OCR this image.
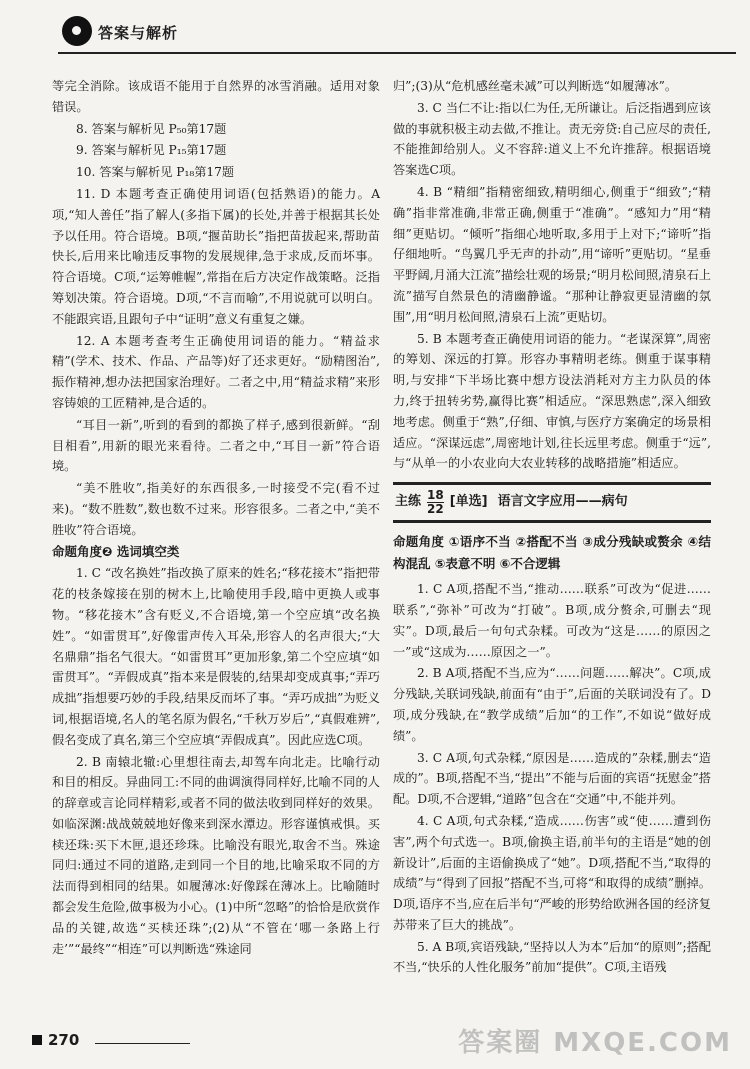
答案与解析

等完全消除。该成语不能用于自然界的冰雪消融。适用对象错误。

8. 答案与解析见 P₅₀第17题

9. 答案与解析见 P₁₅第17题

10. 答案与解析见 P₁₈第17题

11. D 本题考查正确使用词语(包括熟语)的能力。A项,“知人善任”指了解人(多指下属)的长处,并善于根据其长处予以任用。符合语境。B项,“揠苗助长”指把苗拔起来,帮助苗快长,后用来比喻违反事物的发展规律,急于求成,反而坏事。符合语境。C项,“运筹帷幄”,常指在后方决定作战策略。泛指筹划决策。符合语境。D项,“不言而喻”,不用说就可以明白。不能跟宾语,且跟句子中“证明”意义有重复之嫌。

12. A 本题考查考生正确使用词语的能力。“精益求精”(学术、技术、作品、产品等)好了还求更好。“励精图治”,振作精神,想办法把国家治理好。二者之中,用“精益求精”来形容铸娘的工匠精神,是合适的。

“耳目一新”,听到的看到的都换了样子,感到很新鲜。“刮目相看”,用新的眼光来看待。二者之中,“耳目一新”符合语境。

“美不胜收”,指美好的东西很多,一时接受不完(看不过来)。“数不胜数”,数也数不过来。形容很多。二者之中,“美不胜收”符合语境。

命题角度❷ 选词填空类

1. C “改名换姓”指改换了原来的姓名;“移花接木”指把带花的枝条嫁接在别的树木上,比喻使用手段,暗中更换人或事物。“移花接木”含有贬义,不合语境,第一个空应填“改名换姓”。“如雷贯耳”,好像雷声传入耳朵,形容人的名声很大;“大名鼎鼎”指名气很大。“如雷贯耳”更加形象,第二个空应填“如雷贯耳”。“弄假成真”指本来是假装的,结果却变成真事;“弄巧成拙”指想要巧妙的手段,结果反而坏了事。“弄巧成拙”为贬义词,根据语境,名人的笔名原为假名,“千秋万岁后”,“真假难辨”,假名变成了真名,第三个空应填“弄假成真”。因此应选C项。

2. B 南辕北辙:心里想往南去,却驾车向北走。比喻行动和目的相反。异曲同工:不同的曲调演得同样好,比喻不同的人的辞章或言论同样精彩,或者不同的做法收到同样好的效果。如临深渊:战战兢兢地好像来到深水潭边。形容谨慎戒惧。买椟还珠:买下木匣,退还珍珠。比喻没有眼光,取舍不当。殊途同归:通过不同的道路,走到同一个目的地,比喻采取不同的方法而得到相同的结果。如履薄冰:好像踩在薄冰上。比喻随时都会发生危险,做事极为小心。(1)中所“忽略”的恰恰是欣赏作品的关键,故选“买椟还珠”;(2)从“不管在‘哪一条路上行走’”“最终”“相连”可以判断选“殊途同

归”;(3)从“危机感丝毫未减”可以判断选“如履薄冰”。

3. C 当仁不让:指以仁为任,无所谦让。后泛指遇到应该做的事就积极主动去做,不推让。责无旁贷:自己应尽的责任,不能推卸给别人。义不容辞:道义上不允许推辞。根据语境答案选C项。

4. B “精细”指精密细致,精明细心,侧重于“细致”;“精确”指非常准确,非常正确,侧重于“准确”。“感知力”用“精细”更贴切。“倾听”指细心地听取,多用于上对下;“谛听”指仔细地听。“鸟翼几乎无声的扑动”,用“谛听”更贴切。“星垂平野阔,月涌大江流”描绘壮观的场景;“明月松间照,清泉石上流”描写自然景色的清幽静谧。“那种让静寂更显清幽的氛围”,用“明月松间照,清泉石上流”更贴切。

5. B 本题考查正确使用词语的能力。“老谋深算”,周密的筹划、深远的打算。形容办事精明老练。侧重于谋事精明,与安排“下半场比赛中想方设法消耗对方主力队员的体力,终于扭转劣势,赢得比赛”相适应。“深思熟虑”,深入细致地考虑。侧重于“熟”,仔细、审慎,与医疗方案确定的场景相适应。“深谋远虑”,周密地计划,往长远里考虑。侧重于“远”,与“从单一的小农业向大农业转移的战略措施”相适应。

主练 $\frac{18}{22}$ [单选] 语言文字应用——病句
命题角度 ①语序不当 ②搭配不当 ③成分残缺或赘余 ④结构混乱 ⑤表意不明 ⑥不合逻辑

1. C A项,搭配不当,“推动……联系”可改为“促进……联系”,“弥补”可改为“打破”。B项,成分赘余,可删去“现实”。D项,最后一句句式杂糅。可改为“这是……的原因之一”或“这成为……原因之一”。

2. B A项,搭配不当,应为“……问题……解决”。C项,成分残缺,关联词残缺,前面有“由于”,后面的关联词没有了。D项,成分残缺,在“教学成绩”后加“的工作”,不如说“做好成绩”。

3. C A项,句式杂糅,“原因是……造成的”杂糅,删去“造成的”。B项,搭配不当,“提出”不能与后面的宾语“抚慰金”搭配。D项,不合逻辑,“道路”包含在“交通”中,不能并列。

4. C A项,句式杂糅,“造成……伤害”或“使……遭到伤害”,两个句式选一。B项,偷换主语,前半句的主语是“她的创新设计”,后面的主语偷换成了“她”。D项,搭配不当,“取得的成绩”与“得到了回报”搭配不当,可将“和取得的成绩”删掉。D项,语序不当,应在后半句“严峻的形势给欧洲各国的经济复苏带来了巨大的挑战”。

5. A B项,宾语残缺,“坚持以人为本”后加“的原则”;搭配不当,“快乐的人性化服务”前加“提供”。C项,主语残

270	答案圈 MXQE.COM
